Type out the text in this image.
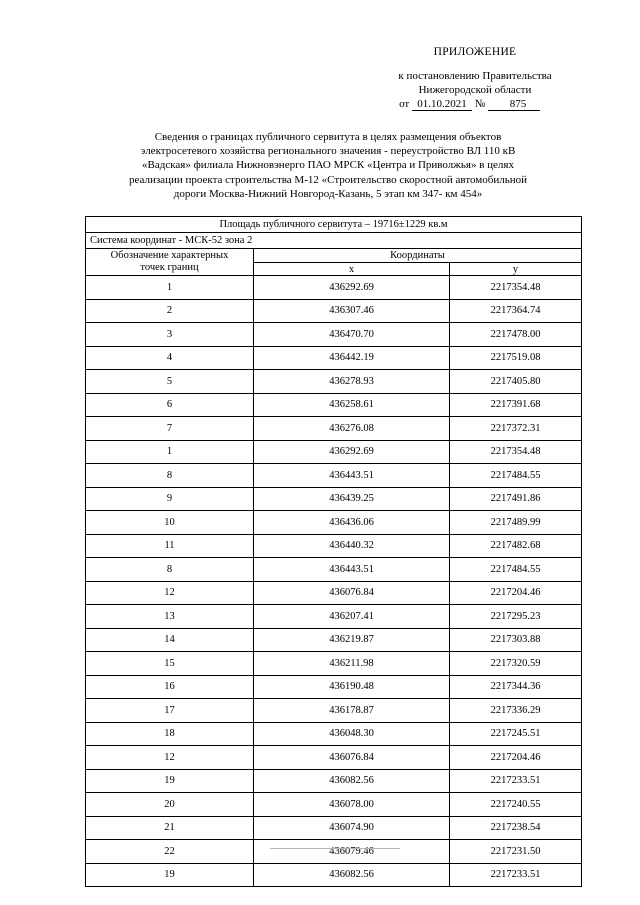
ПРИЛОЖЕНИЕ
к постановлению Правительства
Нижегородской области
от 01.10.2021 № 875
Сведения о границах публичного сервитута в целях размещения объектов
электросетевого хозяйства регионального значения - переустройство ВЛ 110 кВ
«Вадская» филиала Нижновэнерго ПАО МРСК «Центра и Приволжья» в целях
реализации проекта строительства М-12 «Строительство скоростной автомобильной
дороги Москва-Нижний Новгород-Казань, 5 этап км 347- км 454»
Площадь публичного сервитута – 19716±1229 кв.м		
Система координат - МСК-52 зона 2		

Обозначение характерных
точек границ	Координаты	
	x	y
1	436292.69	2217354.48
2	436307.46	2217364.74
3	436470.70	2217478.00
4	436442.19	2217519.08
5	436278.93	2217405.80
6	436258.61	2217391.68
7	436276.08	2217372.31
1	436292.69	2217354.48
8	436443.51	2217484.55
9	436439.25	2217491.86
10	436436.06	2217489.99
11	436440.32	2217482.68
8	436443.51	2217484.55
12	436076.84	2217204.46
13	436207.41	2217295.23
14	436219.87	2217303.88
15	436211.98	2217320.59
16	436190.48	2217344.36
17	436178.87	2217336.29
18	436048.30	2217245.51
12	436076.84	2217204.46
19	436082.56	2217233.51
20	436078.00	2217240.55
21	436074.90	2217238.54
22	436079.46	2217231.50
19	436082.56	2217233.51
